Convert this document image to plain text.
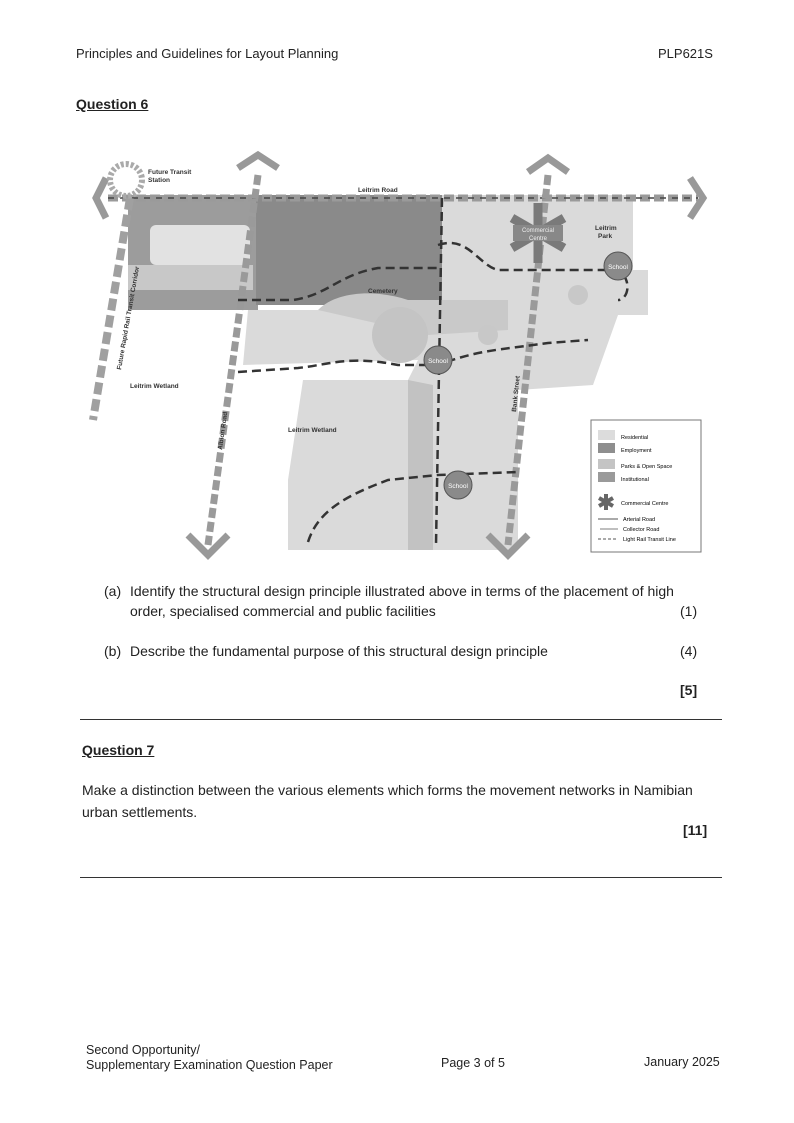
Principles and Guidelines for Layout Planning	PLP621S
Question 6
Future Transit
Station
Leitrim Road
Future Rapid Rail Transit Corridor
Commercial
Centre
Leitrim
Park
School
School
School
Cemetery
Leitrim Wetland
Leitrim Wetland
Albion Road
Bank Street
Residential
Employment
Parks & Open Space
Institutional
Commercial Centre
Arterial Road
Collector Road
Light Rail Transit Line
(a) Identify the structural design principle illustrated above in terms of the placement of high
order, specialised commercial and public facilities	(1)
(b) Describe the fundamental purpose of this structural design principle	(4)
[5]
Question 7
Make a distinction between the various elements which forms the movement networks in Namibian
urban settlements.
[11]
Second Opportunity/
Supplementary Examination Question Paper	Page 3 of 5	January 2025
